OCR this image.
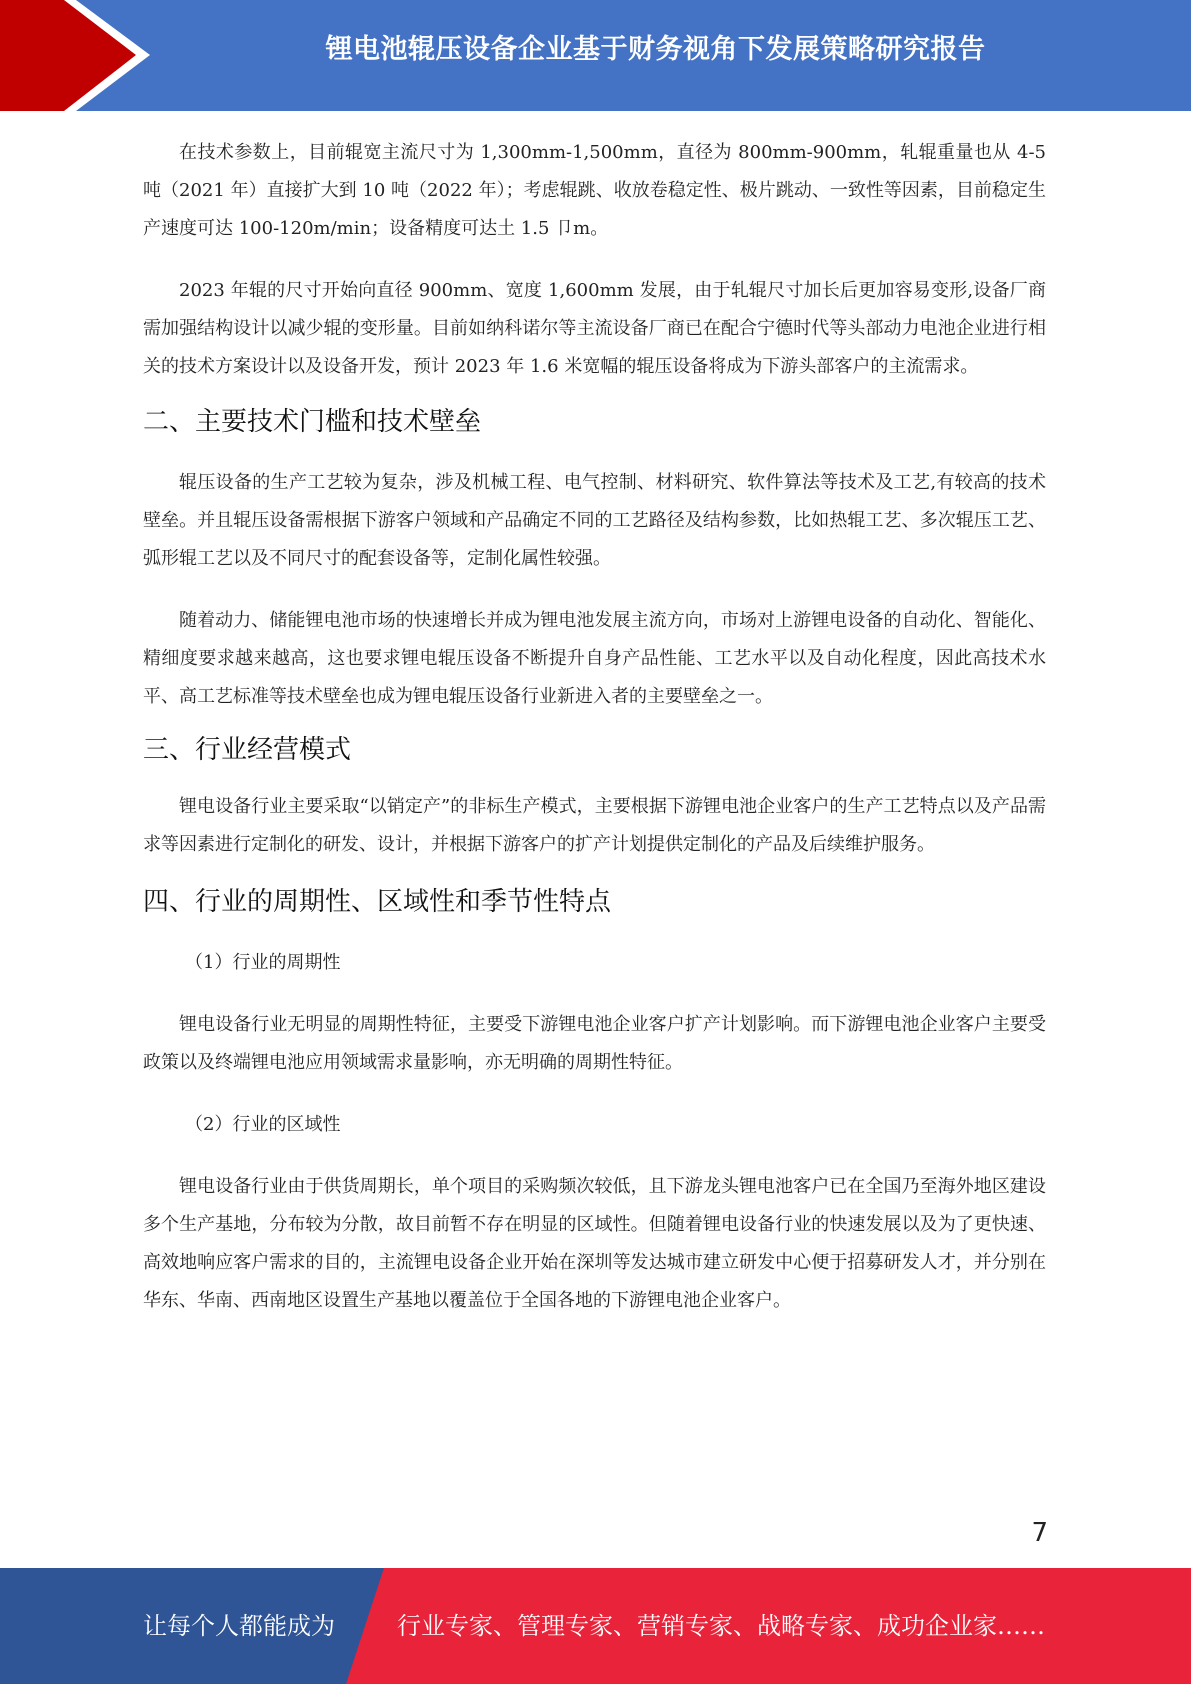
锂电池辊压设备企业基于财务视角下发展策略研究报告

在技术参数上，目前辊宽主流尺寸为 1,300mm-1,500mm，直径为 800mm-900mm，轧辊重量也从 4-5 吨（2021 年）直接扩大到 10 吨（2022 年）；考虑辊跳、收放卷稳定性、极片跳动、一致性等因素，目前稳定生产速度可达 100-120m/min；设备精度可达土 1.5 卩m。

2023 年辊的尺寸开始向直径 900mm、宽度 1,600mm 发展，由于轧辊尺寸加长后更加容易变形,设备厂商需加强结构设计以减少辊的变形量。目前如纳科诺尔等主流设备厂商已在配合宁德时代等头部动力电池企业进行相关的技术方案设计以及设备开发，预计 2023 年 1.6 米宽幅的辊压设备将成为下游头部客户的主流需求。

二、主要技术门槛和技术壁垒

辊压设备的生产工艺较为复杂，涉及机械工程、电气控制、材料研究、软件算法等技术及工艺,有较高的技术壁垒。并且辊压设备需根据下游客户领域和产品确定不同的工艺路径及结构参数，比如热辊工艺、多次辊压工艺、弧形辊工艺以及不同尺寸的配套设备等，定制化属性较强。

随着动力、储能锂电池市场的快速增长并成为锂电池发展主流方向，市场对上游锂电设备的自动化、智能化、精细度要求越来越高，这也要求锂电辊压设备不断提升自身产品性能、工艺水平以及自动化程度，因此高技术水平、高工艺标准等技术壁垒也成为锂电辊压设备行业新进入者的主要壁垒之一。

三、行业经营模式

锂电设备行业主要采取“以销定产”的非标生产模式，主要根据下游锂电池企业客户的生产工艺特点以及产品需求等因素进行定制化的研发、设计，并根据下游客户的扩产计划提供定制化的产品及后续维护服务。

四、行业的周期性、区域性和季节性特点

（1）行业的周期性

锂电设备行业无明显的周期性特征，主要受下游锂电池企业客户扩产计划影响。而下游锂电池企业客户主要受政策以及终端锂电池应用领域需求量影响，亦无明确的周期性特征。

（2）行业的区域性

锂电设备行业由于供货周期长，单个项目的采购频次较低，且下游龙头锂电池客户已在全国乃至海外地区建设多个生产基地，分布较为分散，故目前暂不存在明显的区域性。但随着锂电设备行业的快速发展以及为了更快速、高效地响应客户需求的目的，主流锂电设备企业开始在深圳等发达城市建立研发中心便于招募研发人才，并分别在华东、华南、西南地区设置生产基地以覆盖位于全国各地的下游锂电池企业客户。

7
让每个人都能成为	行业专家、管理专家、营销专家、战略专家、成功企业家……
